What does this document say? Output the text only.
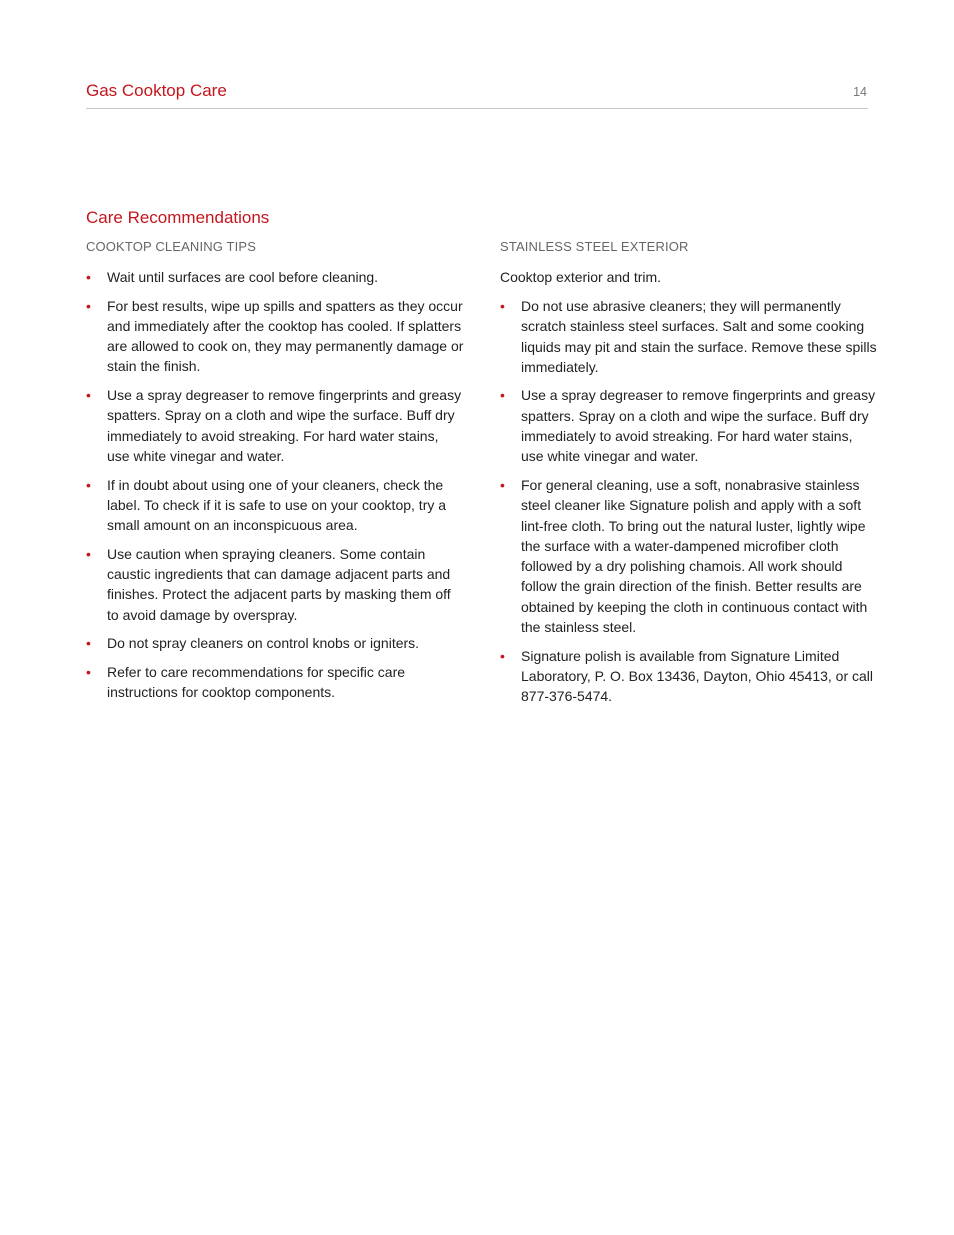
Gas Cooktop Care	14
Care Recommendations
COOKTOP CLEANING TIPS
•	Wait until surfaces are cool before cleaning.
•	For best results, wipe up spills and spatters as they occur and immediately after the cooktop has cooled. If splatters are allowed to cook on, they may permanently damage or stain the finish.
•	Use a spray degreaser to remove fingerprints and greasy spatters. Spray on a cloth and wipe the surface. Buff dry immediately to avoid streaking. For hard water stains, use white vinegar and water.
•	If in doubt about using one of your cleaners, check the label. To check if it is safe to use on your cooktop, try a small amount on an inconspicuous area.
•	Use caution when spraying cleaners. Some contain caustic ingredients that can damage adjacent parts and finishes. Protect the adjacent parts by masking them off to avoid damage by overspray.
•	Do not spray cleaners on control knobs or igniters.
•	Refer to care recommendations for specific care instructions for cooktop components.
STAINLESS STEEL EXTERIOR
Cooktop exterior and trim.
•	Do not use abrasive cleaners; they will permanently scratch stainless steel surfaces. Salt and some cooking liquids may pit and stain the surface. Remove these spills immediately.
•	Use a spray degreaser to remove fingerprints and greasy spatters. Spray on a cloth and wipe the surface. Buff dry immediately to avoid streaking. For hard water stains, use white vinegar and water.
•	For general cleaning, use a soft, nonabrasive stainless steel cleaner like Signature polish and apply with a soft lint-free cloth. To bring out the natural luster, lightly wipe the surface with a water-dampened microfiber cloth followed by a dry polishing chamois. All work should follow the grain direction of the finish. Better results are obtained by keeping the cloth in continuous contact with the stainless steel.
•	Signature polish is available from Signature Limited Laboratory, P. O. Box 13436, Dayton, Ohio 45413, or call 877-376-5474.
